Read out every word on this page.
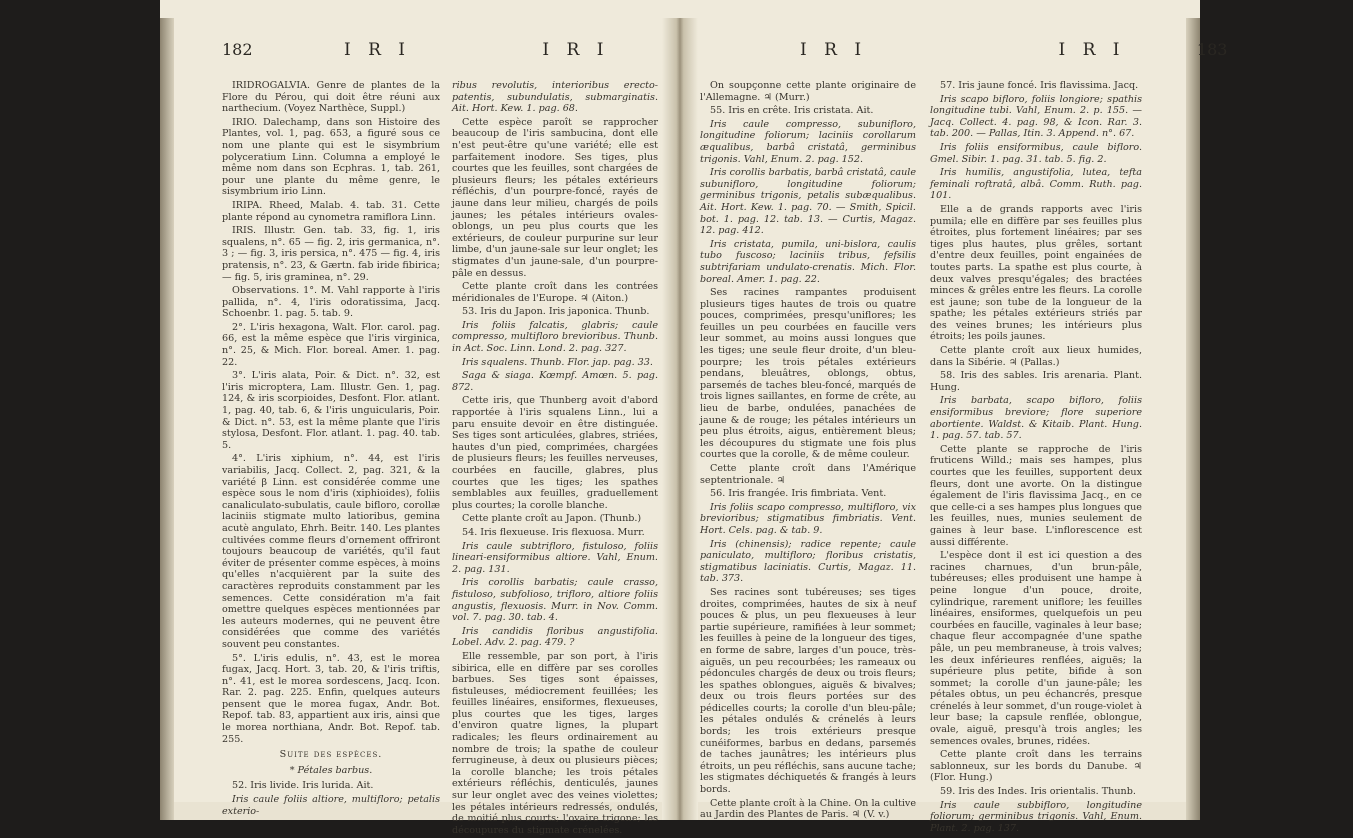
182	I R I	I R I	I R I	I R I	183

IRIDROGALVIA. Genre de plantes de la Flore du Pérou, qui doit être réuni aux narthecium. (Voyez Narthèce, Suppl.)

IRIO. Dalechamp, dans son Histoire des Plantes, vol. 1, pag. 653, a figuré sous ce nom une plante qui est le sisymbrium polyceratium Linn. Columna a employé le même nom dans son Ecphras. 1, tab. 261, pour une plante du même genre, le sisymbrium irio Linn.

IRIPA. Rheed, Malab. 4. tab. 31. Cette plante répond au cynometra ramiflora Linn.

IRIS. Illustr. Gen. tab. 33, fig. 1, iris squalens, n°. 65 — fig. 2, iris germanica, n°. 3 ; — fig. 3, iris persica, n°. 475 — fig. 4, iris pratensis, n°. 23, & Gærtn. fab iride fibirica; — fig. 5, iris graminea, n°. 29.

Observations. 1°. M. Vahl rapporte à l'iris pallida, n°. 4, l'iris odoratissima, Jacq. Schoenbr. 1. pag. 5. tab. 9.

2°. L'iris hexagona, Walt. Flor. carol. pag. 66, est la même espèce que l'iris virginica, n°. 25, & Mich. Flor. boreal. Amer. 1. pag. 22.

3°. L'iris alata, Poir. & Dict. n°. 32, est l'iris microptera, Lam. Illustr. Gen. 1, pag. 124, & iris scorpioides, Desfont. Flor. atlant. 1, pag. 40, tab. 6, & l'iris unguicularis, Poir. & Dict. n°. 53, est la même plante que l'iris stylosa, Desfont. Flor. atlant. 1. pag. 40. tab. 5.

4°. L'iris xiphium, n°. 44, est l'iris variabilis, Jacq. Collect. 2, pag. 321, & la variété β Linn. est considérée comme une espèce sous le nom d'iris (xiphioides), foliis canaliculato-subulatis, caule bifloro, corollæ laciniis stigmate multo latioribus, gemina acutè angulato, Ehrh. Beitr. 140. Les plantes cultivées comme fleurs d'ornement offriront toujours beaucoup de variétés, qu'il faut éviter de présenter comme espèces, à moins qu'elles n'acquièrent par la suite des caractères reproduits constamment par les semences. Cette considération m'a fait omettre quelques espèces mentionnées par les auteurs modernes, qui ne peuvent être considérées que comme des variétés souvent peu constantes.

5°. L'iris edulis, n°. 43, est le morea fugax, Jacq. Hort. 3, tab. 20, & l'iris triftis, n°. 41, est le morea sordescens, Jacq. Icon. Rar. 2. pag. 225. Enfin, quelques auteurs pensent que le morea fugax, Andr. Bot. Repof. tab. 83, appartient aux iris, ainsi que le morea northiana, Andr. Bot. Repof. tab. 255.

Suite des espèces.

* Pétales barbus.

52. Iris livide. Iris lurida. Ait.

Iris caule foliis altiore, multifloro; petalis exterio-

ribus revolutis, interioribus erecto-patentis, subundulatis, submarginatis. Ait. Hort. Kew. 1. pag. 68.

Cette espèce paroît se rapprocher beaucoup de l'iris sambucina, dont elle n'est peut-être qu'une variété; elle est parfaitement inodore. Ses tiges, plus courtes que les feuilles, sont chargées de plusieurs fleurs; les pétales extérieurs réfléchis, d'un pourpre-foncé, rayés de jaune dans leur milieu, chargés de poils jaunes; les pétales intérieurs ovales-oblongs, un peu plus courts que les extérieurs, de couleur purpurine sur leur limbe, d'un jaune-sale sur leur onglet; les stigmates d'un jaune-sale, d'un pourpre-pâle en dessus.

Cette plante croît dans les contrées méridionales de l'Europe. ♃ (Aiton.)

53. Iris du Japon. Iris japonica. Thunb.

Iris foliis falcatis, glabris; caule compresso, multifloro brevioribus. Thunb. in Act. Soc. Linn. Lond. 2. pag. 327.

Iris squalens. Thunb. Flor. jap. pag. 33.

Saga & siaga. Kœmpf. Amœn. 5. pag. 872.

Cette iris, que Thunberg avoit d'abord rapportée à l'iris squalens Linn., lui a paru ensuite devoir en être distinguée. Ses tiges sont articulées, glabres, striées, hautes d'un pied, comprimées, chargées de plusieurs fleurs; les feuilles nerveuses, courbées en faucille, glabres, plus courtes que les tiges; les spathes semblables aux feuilles, graduellement plus courtes; la corolle blanche.

Cette plante croît au Japon. (Thunb.)

54. Iris flexueuse. Iris flexuosa. Murr.

Iris caule subtrifloro, fistuloso, foliis lineari-ensiformibus altiore. Vahl, Enum. 2. pag. 131.

Iris corollis barbatis; caule crasso, fistuloso, subfolioso, trifloro, altiore foliis angustis, flexuosis. Murr. in Nov. Comm. vol. 7. pag. 30. tab. 4.

Iris candidis floribus angustifolia. Lobel. Adv. 2. pag. 479. ?

Elle ressemble, par son port, à l'iris sibirica, elle en diffère par ses corolles barbues. Ses tiges sont épaisses, fistuleuses, médiocrement feuillées; les feuilles linéaires, ensiformes, flexueuses, plus courtes que les tiges, larges d'environ quatre lignes, la plupart radicales; les fleurs ordinairement au nombre de trois; la spathe de couleur ferrugineuse, à deux ou plusieurs pièces; la corolle blanche; les trois pétales extérieurs réfléchis, denticulés, jaunes sur leur onglet avec des veines violettes; les pétales intérieurs redressés, ondulés, de moitié plus courts; l'ovaire trigone; les découpures du stigmate crénelées.

On soupçonne cette plante originaire de l'Allemagne. ♃ (Murr.)

55. Iris en crête. Iris cristata. Ait.

Iris caule compresso, subunifloro, longitudine foliorum; laciniis corollarum æqualibus, barbâ cristatâ, germinibus trigonis. Vahl, Enum. 2. pag. 152.

Iris corollis barbatis, barbâ cristatâ, caule subunifloro, longitudine foliorum; germinibus trigonis, petalis subæqualibus. Ait. Hort. Kew. 1. pag. 70. — Smith, Spicil. bot. 1. pag. 12. tab. 13. — Curtis, Magaz. 12. pag. 412.

Iris cristata, pumila, uni-bislora, caulis tubo fuscoso; laciniis tribus, fefsilis subtrifariam undulato-crenatis. Mich. Flor. boreal. Amer. 1. pag. 22.

Ses racines rampantes produisent plusieurs tiges hautes de trois ou quatre pouces, comprimées, presqu'uniflores; les feuilles un peu courbées en faucille vers leur sommet, au moins aussi longues que les tiges; une seule fleur droite, d'un bleu-pourpre; les trois pétales extérieurs pendans, bleuâtres, oblongs, obtus, parsemés de taches bleu-foncé, marqués de trois lignes saillantes, en forme de crête, au lieu de barbe, ondulées, panachées de jaune & de rouge; les pétales intérieurs un peu plus étroits, aigus, entièrement bleus; les découpures du stigmate une fois plus courtes que la corolle, & de même couleur.

Cette plante croît dans l'Amérique septentrionale. ♃

56. Iris frangée. Iris fimbriata. Vent.

Iris foliis scapo compresso, multifloro, vix brevioribus; stigmatibus fimbriatis. Vent. Hort. Cels. pag. & tab. 9.

Iris (chinensis); radice repente; caule paniculato, multifloro; floribus cristatis, stigmatibus laciniatis. Curtis, Magaz. 11. tab. 373.

Ses racines sont tubéreuses; ses tiges droites, comprimées, hautes de six à neuf pouces & plus, un peu flexueuses à leur partie supérieure, ramifiées à leur sommet; les feuilles à peine de la longueur des tiges, en forme de sabre, larges d'un pouce, très-aiguës, un peu recourbées; les rameaux ou pédoncules chargés de deux ou trois fleurs; les spathes oblongues, aiguës & bivalves; deux ou trois fleurs portées sur des pédicelles courts; la corolle d'un bleu-pâle; les pétales ondulés & crénelés à leurs bords; les trois extérieurs presque cunéiformes, barbus en dedans, parsemés de taches jaunâtres; les intérieurs plus étroits, un peu réfléchis, sans aucune tache; les stigmates déchiquetés & frangés à leurs bords.

Cette plante croît à la Chine. On la cultive au Jardin des Plantes de Paris. ♃ (V. v.)

57. Iris jaune foncé. Iris flavissima. Jacq.

Iris scapo bifloro, foliis longiore; spathis longitudine tubi. Vahl, Enum. 2. p. 155. — Jacq. Collect. 4. pag. 98, & Icon. Rar. 3. tab. 200. — Pallas, Itin. 3. Append. n°. 67.

Iris foliis ensiformibus, caule bifloro. Gmel. Sibir. 1. pag. 31. tab. 5. fig. 2.

Iris humilis, angustifolia, lutea, tefta feminali roftratâ, albâ. Comm. Ruth. pag. 101.

Elle a de grands rapports avec l'iris pumila; elle en diffère par ses feuilles plus étroites, plus fortement linéaires; par ses tiges plus hautes, plus grêles, sortant d'entre deux feuilles, point engainées de toutes parts. La spathe est plus courte, à deux valves presqu'égales; des bractées minces & grêles entre les fleurs. La corolle est jaune; son tube de la longueur de la spathe; les pétales extérieurs striés par des veines brunes; les intérieurs plus étroits; les poils jaunes.

Cette plante croît aux lieux humides, dans la Sibérie. ♃ (Pallas.)

58. Iris des sables. Iris arenaria. Plant. Hung.

Iris barbata, scapo bifloro, foliis ensiformibus breviore; flore superiore abortiente. Waldst. & Kitaib. Plant. Hung. 1. pag. 57. tab. 57.

Cette plante se rapproche de l'iris fruticens Willd.; mais ses hampes, plus courtes que les feuilles, supportent deux fleurs, dont une avorte. On la distingue également de l'iris flavissima Jacq., en ce que celle-ci a ses hampes plus longues que les feuilles, nues, munies seulement de gaines à leur base. L'inflorescence est aussi différente.

L'espèce dont il est ici question a des racines charnues, d'un brun-pâle, tubéreuses; elles produisent une hampe à peine longue d'un pouce, droite, cylindrique, rarement uniflore; les feuilles linéaires, ensiformes, quelquefois un peu courbées en faucille, vaginales à leur base; chaque fleur accompagnée d'une spathe pâle, un peu membraneuse, à trois valves; les deux inférieures renflées, aiguës; la supérieure plus petite, bifide à son sommet; la corolle d'un jaune-pâle; les pétales obtus, un peu échancrés, presque crénelés à leur sommet, d'un rouge-violet à leur base; la capsule renflée, oblongue, ovale, aiguë, presqu'à trois angles; les semences ovales, brunes, ridées.

Cette plante croît dans les terrains sablonneux, sur les bords du Danube. ♃ (Flor. Hung.)

59. Iris des Indes. Iris orientalis. Thunb.

Iris caule subbifloro, longitudine foliorum; germinibus trigonis. Vahl, Enum. Plant. 2. pag. 137.
